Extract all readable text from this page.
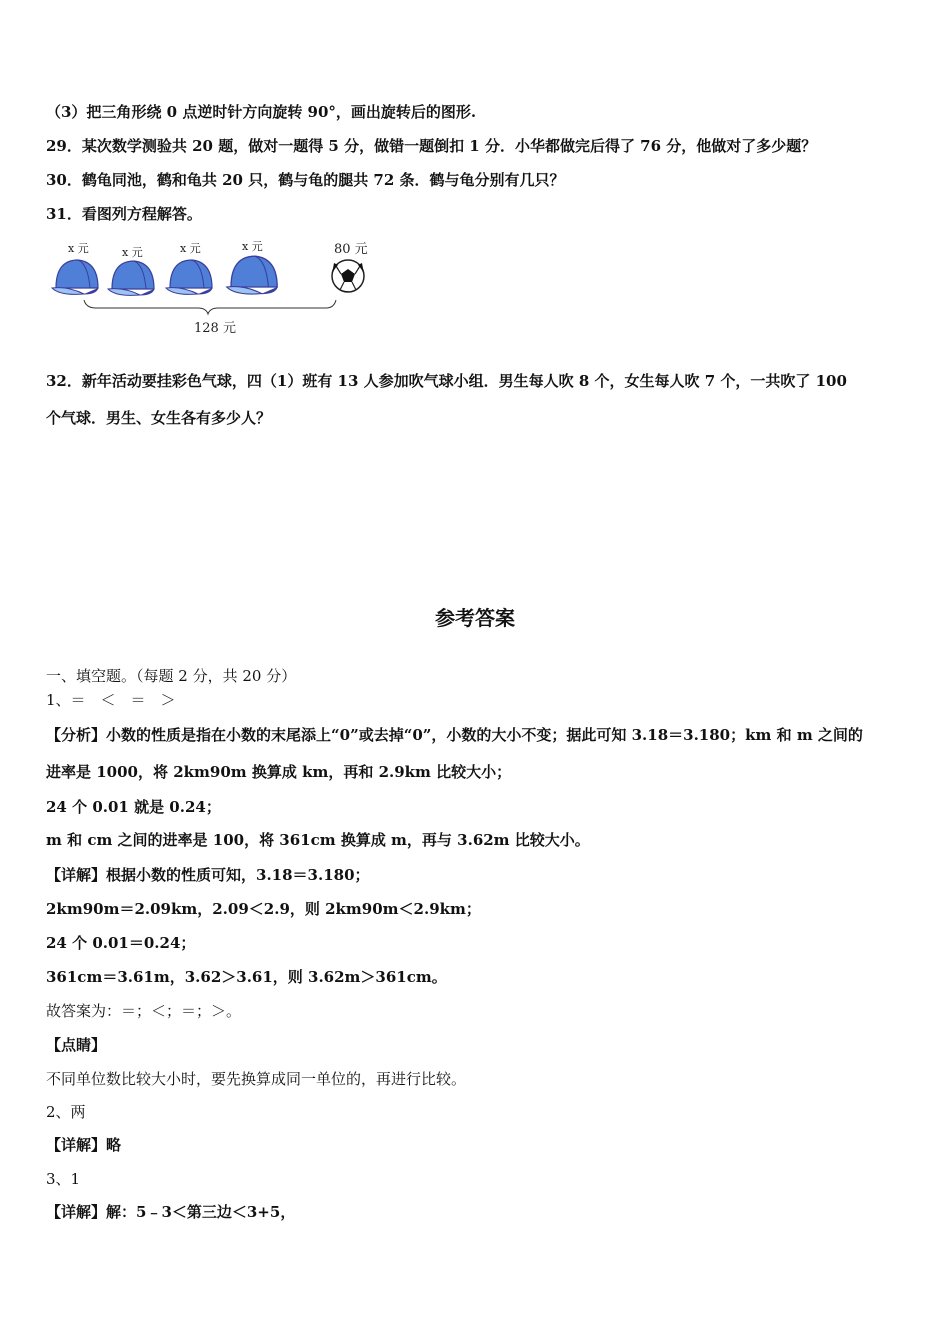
（3）把三角形绕 0 点逆时针方向旋转 90°，画出旋转后的图形.
29．某次数学测验共 20 题，做对一题得 5 分，做错一题倒扣 1 分．小华都做完后得了 76 分，他做对了多少题？
30．鹤龟同池，鹤和龟共 20 只，鹤与龟的腿共 72 条．鹤与龟分别有几只？
31．看图列方程解答。
x 元	x 元	x 元	x 元	80 元
128 元
32．新年活动要挂彩色气球，四（1）班有 13 人参加吹气球小组．男生每人吹 8 个，女生每人吹 7 个，一共吹了 100
个气球．男生、女生各有多少人？
参考答案
一、填空题。（每题 2 分，共 20 分）
1、＝　＜　＝　＞
【分析】小数的性质是指在小数的末尾添上“0”或去掉“0”，小数的大小不变；据此可知 3.18＝3.180；km 和 m 之间的
进率是 1000，将 2km90m 换算成 km，再和 2.9km 比较大小；
24 个 0.01 就是 0.24；
m 和 cm 之间的进率是 100，将 361cm 换算成 m，再与 3.62m 比较大小。
【详解】根据小数的性质可知，3.18＝3.180；
2km90m＝2.09km，2.09＜2.9，则 2km90m＜2.9km；
24 个 0.01＝0.24；
361cm＝3.61m，3.62＞3.61，则 3.62m＞361cm。
故答案为：＝；＜；＝；＞。
【点睛】
不同单位数比较大小时，要先换算成同一单位的，再进行比较。
2、两
【详解】略
3、1
【详解】解：5﹣3＜第三边＜3+5，
